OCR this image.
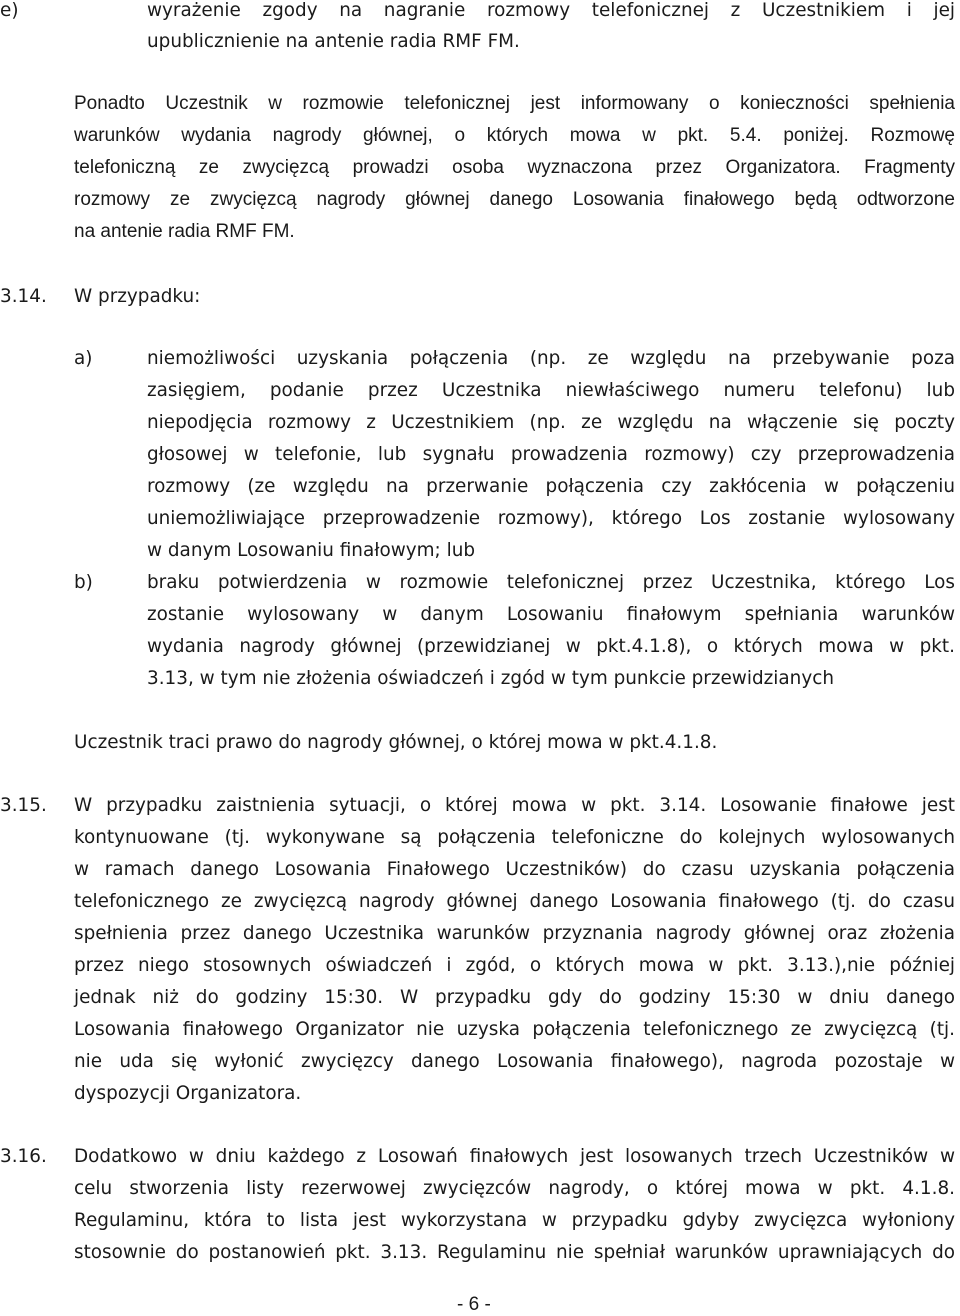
e)	wyrażenie zgody na nagranie rozmowy telefonicznej z Uczestnikiem i jej
upublicznienie na antenie radia RMF FM.
Ponadto Uczestnik w rozmowie telefonicznej jest informowany o konieczności spełnienia
warunków wydania nagrody głównej, o których mowa w pkt. 5.4. poniżej. Rozmowę
telefoniczną ze zwycięzcą prowadzi osoba wyznaczona przez Organizatora. Fragmenty
rozmowy ze zwycięzcą nagrody głównej danego Losowania finałowego będą odtworzone
na antenie radia RMF FM.
3.14. W przypadku:
a)	niemożliwości uzyskania połączenia (np. ze względu na przebywanie poza
zasięgiem, podanie przez Uczestnika niewłaściwego numeru telefonu) lub
niepodjęcia rozmowy z Uczestnikiem (np. ze względu na włączenie się poczty
głosowej w telefonie, lub sygnału prowadzenia rozmowy) czy przeprowadzenia
rozmowy (ze względu na przerwanie połączenia czy zakłócenia w połączeniu
uniemożliwiające przeprowadzenie rozmowy), którego Los zostanie wylosowany
w danym Losowaniu finałowym; lub
b)	braku potwierdzenia w rozmowie telefonicznej przez Uczestnika, którego Los
zostanie wylosowany w danym Losowaniu finałowym spełniania warunków
wydania nagrody głównej (przewidzianej w pkt.4.1.8), o których mowa w pkt.
3.13, w tym nie złożenia oświadczeń i zgód w tym punkcie przewidzianych
Uczestnik traci prawo do nagrody głównej, o której mowa w pkt.4.1.8.
3.15. W przypadku zaistnienia sytuacji, o której mowa w pkt. 3.14. Losowanie finałowe jest
kontynuowane (tj. wykonywane są połączenia telefoniczne do kolejnych wylosowanych
w ramach danego Losowania Finałowego Uczestników) do czasu uzyskania połączenia
telefonicznego ze zwycięzcą nagrody głównej danego Losowania finałowego (tj. do czasu
spełnienia przez danego Uczestnika warunków przyznania nagrody głównej oraz złożenia
przez niego stosownych oświadczeń i zgód, o których mowa w pkt. 3.13.),nie później
jednak niż do godziny 15:30. W przypadku gdy do godziny 15:30 w dniu danego
Losowania finałowego Organizator nie uzyska połączenia telefonicznego ze zwycięzcą (tj.
nie uda się wyłonić zwycięzcy danego Losowania finałowego), nagroda pozostaje w
dyspozycji Organizatora.
3.16. Dodatkowo w dniu każdego z Losowań finałowych jest losowanych trzech Uczestników w
celu stworzenia listy rezerwowej zwycięzców nagrody, o której mowa w pkt. 4.1.8.
Regulaminu, która to lista jest wykorzystana w przypadku gdyby zwycięzca wyłoniony
stosownie do postanowień pkt. 3.13. Regulaminu nie spełniał warunków uprawniających do
- 6 -
